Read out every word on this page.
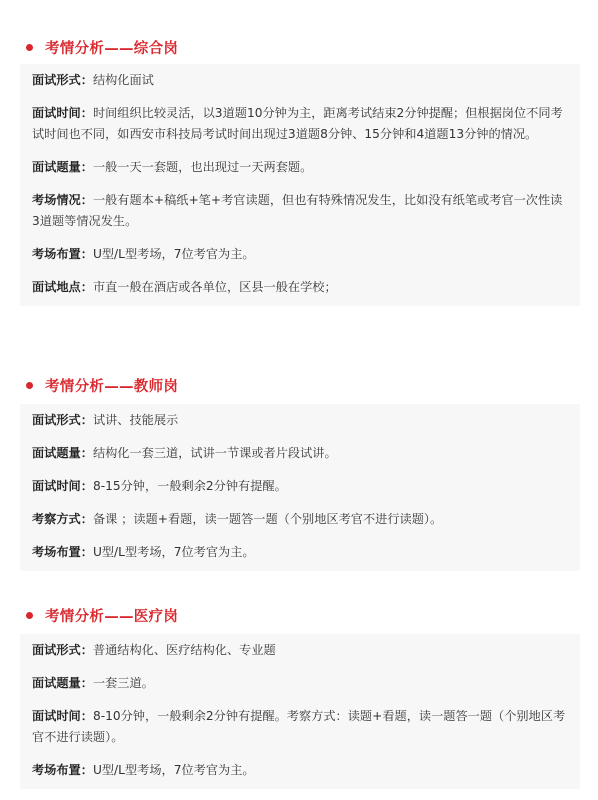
考情分析——综合岗
面试形式：结构化面试
面试时间：时间组织比较灵活，以3道题10分钟为主，距离考试结束2分钟提醒；但根据岗位不同考试时间也不同，如西安市科技局考试时间出现过3道题8分钟、15分钟和4道题13分钟的情况。
面试题量：一般一天一套题，也出现过一天两套题。
考场情况：一般有题本+稿纸+笔+考官读题，但也有特殊情况发生，比如没有纸笔或考官一次性读3道题等情况发生。
考场布置：U型/L型考场，7位考官为主。
面试地点：市直一般在酒店或各单位，区县一般在学校；
考情分析——教师岗
面试形式：试讲、技能展示
面试题量：结构化一套三道，试讲一节课或者片段试讲。
面试时间：8-15分钟，一般剩余2分钟有提醒。
考察方式：备课 ；读题+看题，读一题答一题（个别地区考官不进行读题）。
考场布置：U型/L型考场，7位考官为主。
考情分析——医疗岗
面试形式：普通结构化、医疗结构化、专业题
面试题量：一套三道。
面试时间：8-10分钟，一般剩余2分钟有提醒。考察方式：读题+看题，读一题答一题（个别地区考官不进行读题）。
考场布置：U型/L型考场，7位考官为主。
